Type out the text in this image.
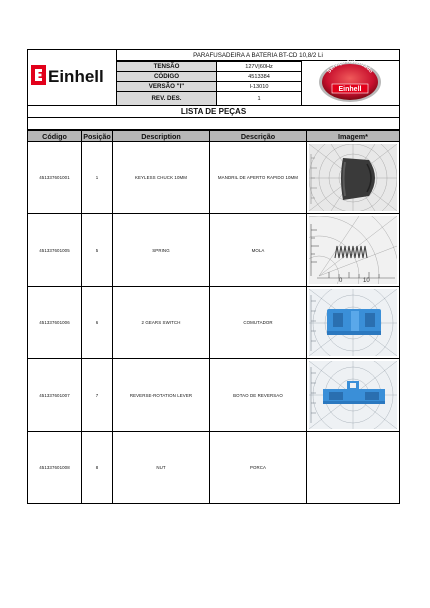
Einhell
PARAFUSADEIRA A BATERIA BT-CD 10,8/2 Li
TENSÃO	127V|60Hz
CÓDIGO	4513384
VERSÃO "I"	I-13010
REV. DES.	1
Serviço Autorizado
Einhell
LISTA DE PEÇAS
Código Posição	Description	Descrição	Imagem*
451337601001	1	KEYLESS CHUCK 10MM	MANDRIL DE APERTO RAPIDO 10MM
451337601005	5	SPRING	MOLA
0	10
451337601006	6	2 GEARS SWITCH	COMUTADOR
451337601007	7	REVERSE-ROTATION LEVER	BOTAO DE REVERSAO
451337601008	8	NUT	PORCA
